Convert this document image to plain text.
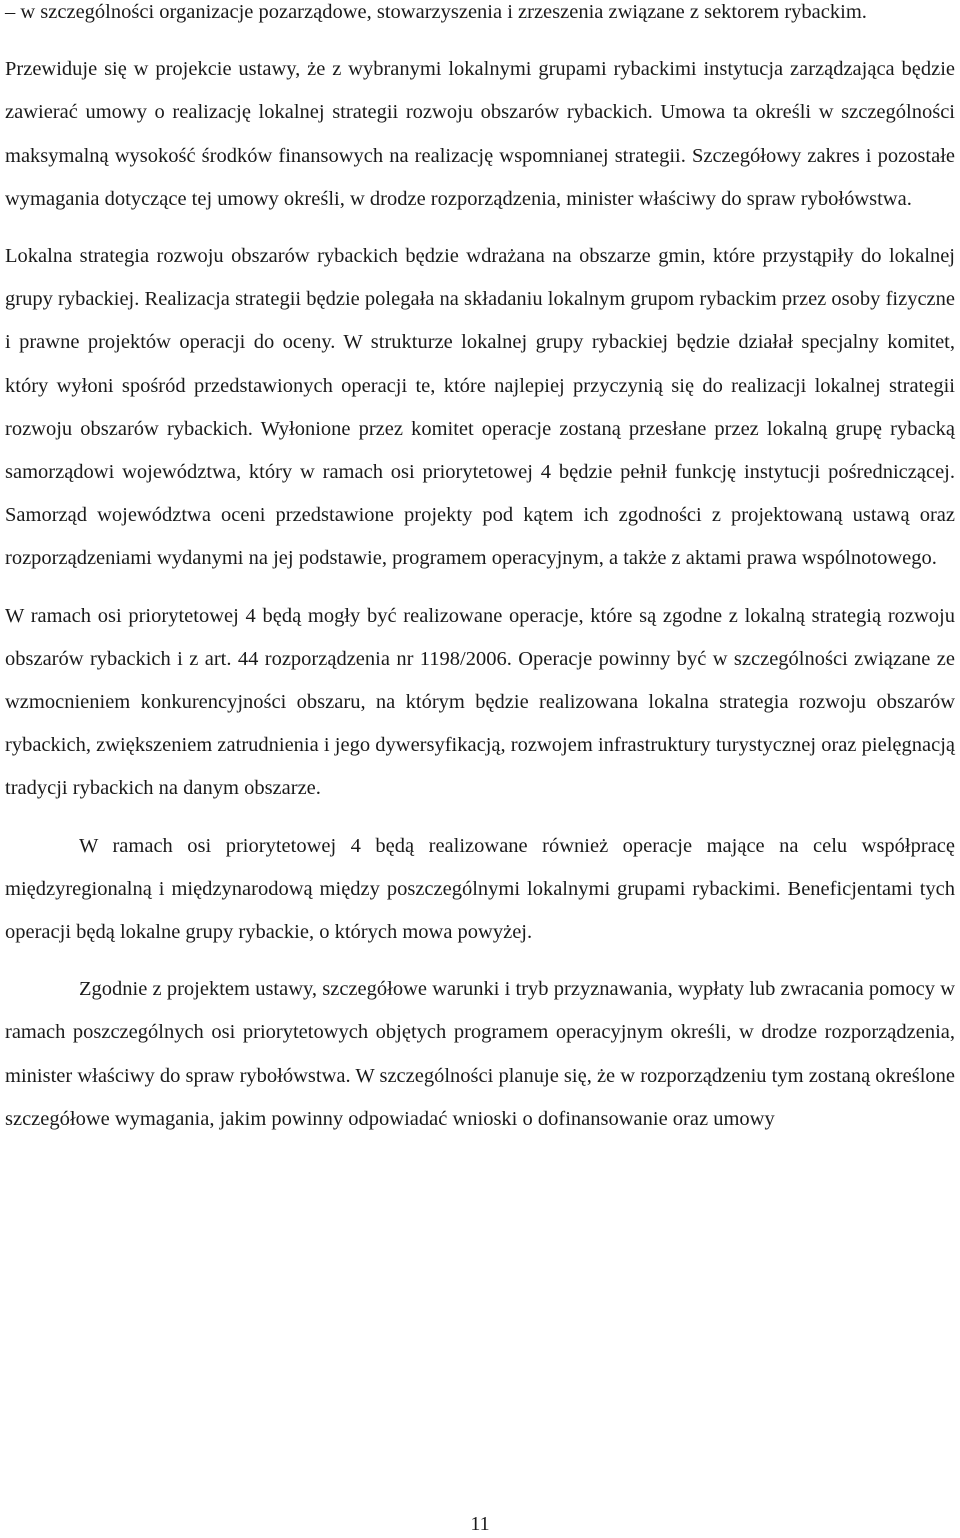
– w szczególności organizacje pozarządowe, stowarzyszenia i zrzeszenia związane z sektorem rybackim.

Przewiduje się w projekcie ustawy, że z wybranymi lokalnymi grupami rybackimi instytucja zarządzająca będzie zawierać umowy o realizację lokalnej strategii rozwoju obszarów rybackich. Umowa ta określi w szczególności maksymalną wysokość środków finansowych na realizację wspomnianej strategii. Szczegółowy zakres i pozostałe wymagania dotyczące tej umowy określi, w drodze rozporządzenia, minister właściwy do spraw rybołówstwa.

Lokalna strategia rozwoju obszarów rybackich będzie wdrażana na obszarze gmin, które przystąpiły do lokalnej grupy rybackiej. Realizacja strategii będzie polegała na składaniu lokalnym grupom rybackim przez osoby fizyczne i prawne projektów operacji do oceny. W strukturze lokalnej grupy rybackiej będzie działał specjalny komitet, który wyłoni spośród przedstawionych operacji te, które najlepiej przyczynią się do realizacji lokalnej strategii rozwoju obszarów rybackich. Wyłonione przez komitet operacje zostaną przesłane przez lokalną grupę rybacką samorządowi województwa, który w ramach osi priorytetowej 4 będzie pełnił funkcję instytucji pośredniczącej. Samorząd województwa oceni przedstawione projekty pod kątem ich zgodności z projektowaną ustawą oraz rozporządzeniami wydanymi na jej podstawie, programem operacyjnym, a także z aktami prawa wspólnotowego.

W ramach osi priorytetowej 4 będą mogły być realizowane operacje, które są zgodne z lokalną strategią rozwoju obszarów rybackich i z art. 44 rozporządzenia nr 1198/2006. Operacje powinny być w szczególności związane ze wzmocnieniem konkurencyjności obszaru, na którym będzie realizowana lokalna strategia rozwoju obszarów rybackich, zwiększeniem zatrudnienia i jego dywersyfikacją, rozwojem infrastruktury turystycznej oraz pielęgnacją tradycji rybackich na danym obszarze.

W ramach osi priorytetowej 4 będą realizowane również operacje mające na celu współpracę międzyregionalną i międzynarodową między poszczególnymi lokalnymi grupami rybackimi. Beneficjentami tych operacji będą lokalne grupy rybackie, o których mowa powyżej.

Zgodnie z projektem ustawy, szczegółowe warunki i tryb przyznawania, wypłaty lub zwracania pomocy w ramach poszczególnych osi priorytetowych objętych programem operacyjnym określi, w drodze rozporządzenia, minister właściwy do spraw rybołówstwa. W szczególności planuje się, że w rozporządzeniu tym zostaną określone szczegółowe wymagania, jakim powinny odpowiadać wnioski o dofinansowanie oraz umowy

11
